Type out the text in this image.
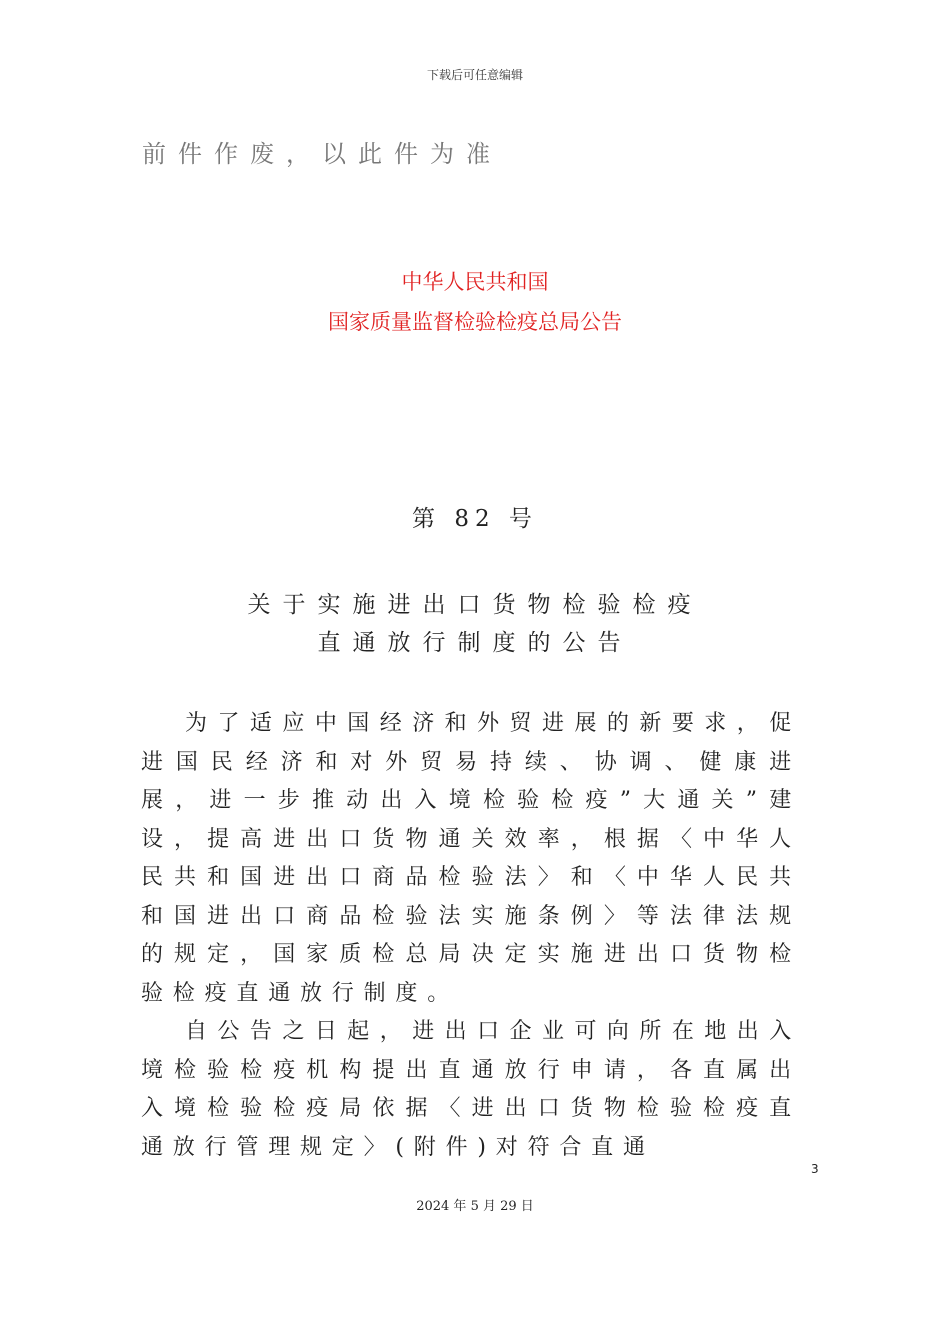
下载后可任意编辑
前件作废，以此件为准
中华人民共和国
国家质量监督检验检疫总局公告
第 82 号
关于实施进出口货物检验检疫
直通放行制度的公告

为了适应中国经济和外贸进展的新要求，促进国民经济和对外贸易持续、协调、健康进展，进一步推动出入境检验检疫”大通关”建设，提高进出口货物通关效率，根据〈中华人民共和国进出口商品检验法〉和〈中华人民共和国进出口商品检验法实施条例〉等法律法规的规定，国家质检总局决定实施进出口货物检验检疫直通放行制度。

自公告之日起，进出口企业可向所在地出入境检验检疫机构提出直通放行申请，各直属出入境检验检疫局依据〈进出口货物检验检疫直通放行管理规定〉(附件)对符合直通

3
2024 年 5 月 29 日
